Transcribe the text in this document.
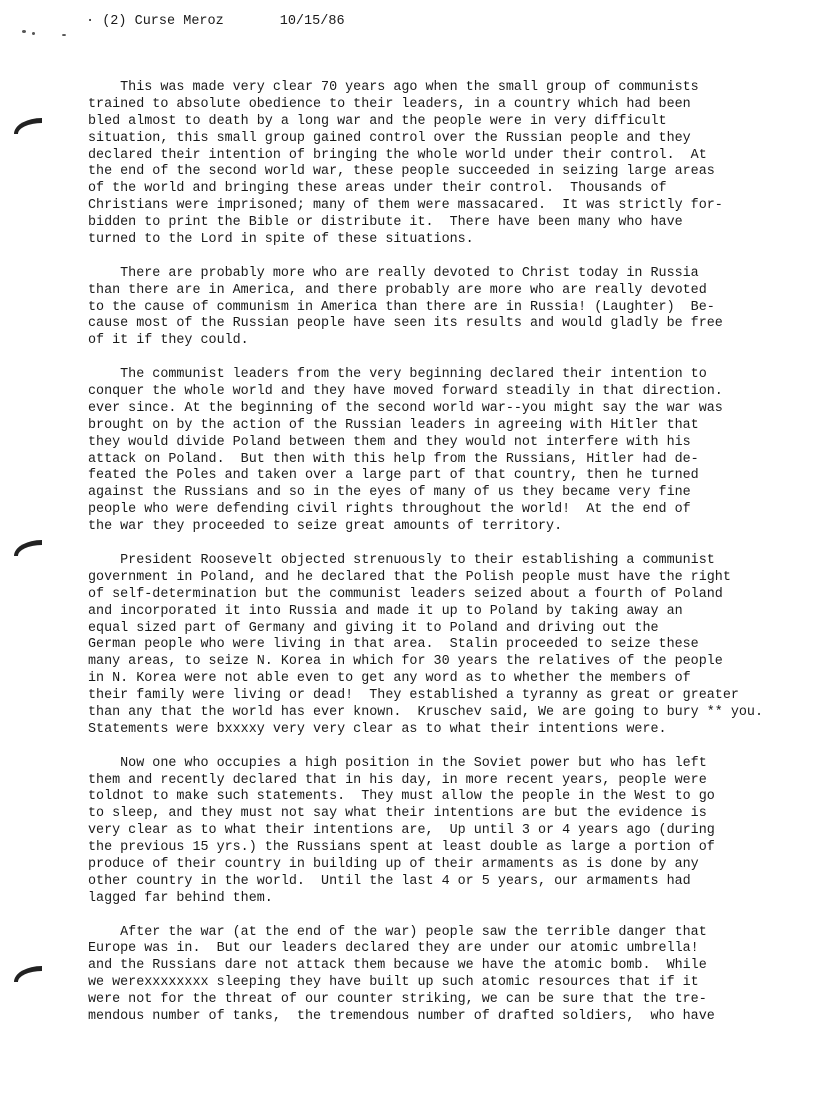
· (2) Curse Meroz	10/15/86
This was made very clear 70 years ago when the small group of communists
trained to absolute obedience to their leaders, in a country which had been
bled almost to death by a long war and the people were in very difficult
situation, this small group gained control over the Russian people and they
declared their intention of bringing the whole world under their control.  At
the end of the second world war, these people succeeded in seizing large areas
of the world and bringing these areas under their control.  Thousands of
Christians were imprisoned; many of them were massacared.  It was strictly for-
bidden to print the Bible or distribute it.  There have been many who have
turned to the Lord in spite of these situations.
There are probably more who are really devoted to Christ today in Russia
than there are in America, and there probably are more who are really devoted
to the cause of communism in America than there are in Russia! (Laughter)  Be-
cause most of the Russian people have seen its results and would gladly be free
of it if they could.
The communist leaders from the very beginning declared their intention to
conquer the whole world and they have moved forward steadily in that direction.
ever since. At the beginning of the second world war--you might say the war was
brought on by the action of the Russian leaders in agreeing with Hitler that
they would divide Poland between them and they would not interfere with his
attack on Poland.  But then with this help from the Russians, Hitler had de-
feated the Poles and taken over a large part of that country, then he turned
against the Russians and so in the eyes of many of us they became very fine
people who were defending civil rights throughout the world!  At the end of
the war they proceeded to seize great amounts of territory.
President Roosevelt objected strenuously to their establishing a communist
government in Poland, and he declared that the Polish people must have the right
of self-determination but the communist leaders seized about a fourth of Poland
and incorporated it into Russia and made it up to Poland by taking away an
equal sized part of Germany and giving it to Poland and driving out the
German people who were living in that area.  Stalin proceeded to seize these
many areas, to seize N. Korea in which for 30 years the relatives of the people
in N. Korea were not able even to get any word as to whether the members of
their family were living or dead!  They established a tyranny as great or greater
than any that the world has ever known.  Kruschev said, We are going to bury ** you.
Statements were bxxxxy very very clear as to what their intentions were.
Now one who occupies a high position in the Soviet power but who has left
them and recently declared that in his day, in more recent years, people were
toldnot to make such statements.  They must allow the people in the West to go
to sleep, and they must not say what their intentions are but the evidence is
very clear as to what their intentions are,  Up until 3 or 4 years ago (during
the previous 15 yrs.) the Russians spent at least double as large a portion of
produce of their country in building up of their armaments as is done by any
other country in the world.  Until the last 4 or 5 years, our armaments had
lagged far behind them.
After the war (at the end of the war) people saw the terrible danger that
Europe was in.  But our leaders declared they are under our atomic umbrella!
and the Russians dare not attack them because we have the atomic bomb.  While
we werexxxxxxxx sleeping they have built up such atomic resources that if it
were not for the threat of our counter striking, we can be sure that the tre-
mendous number of tanks,  the tremendous number of drafted soldiers,  who have
